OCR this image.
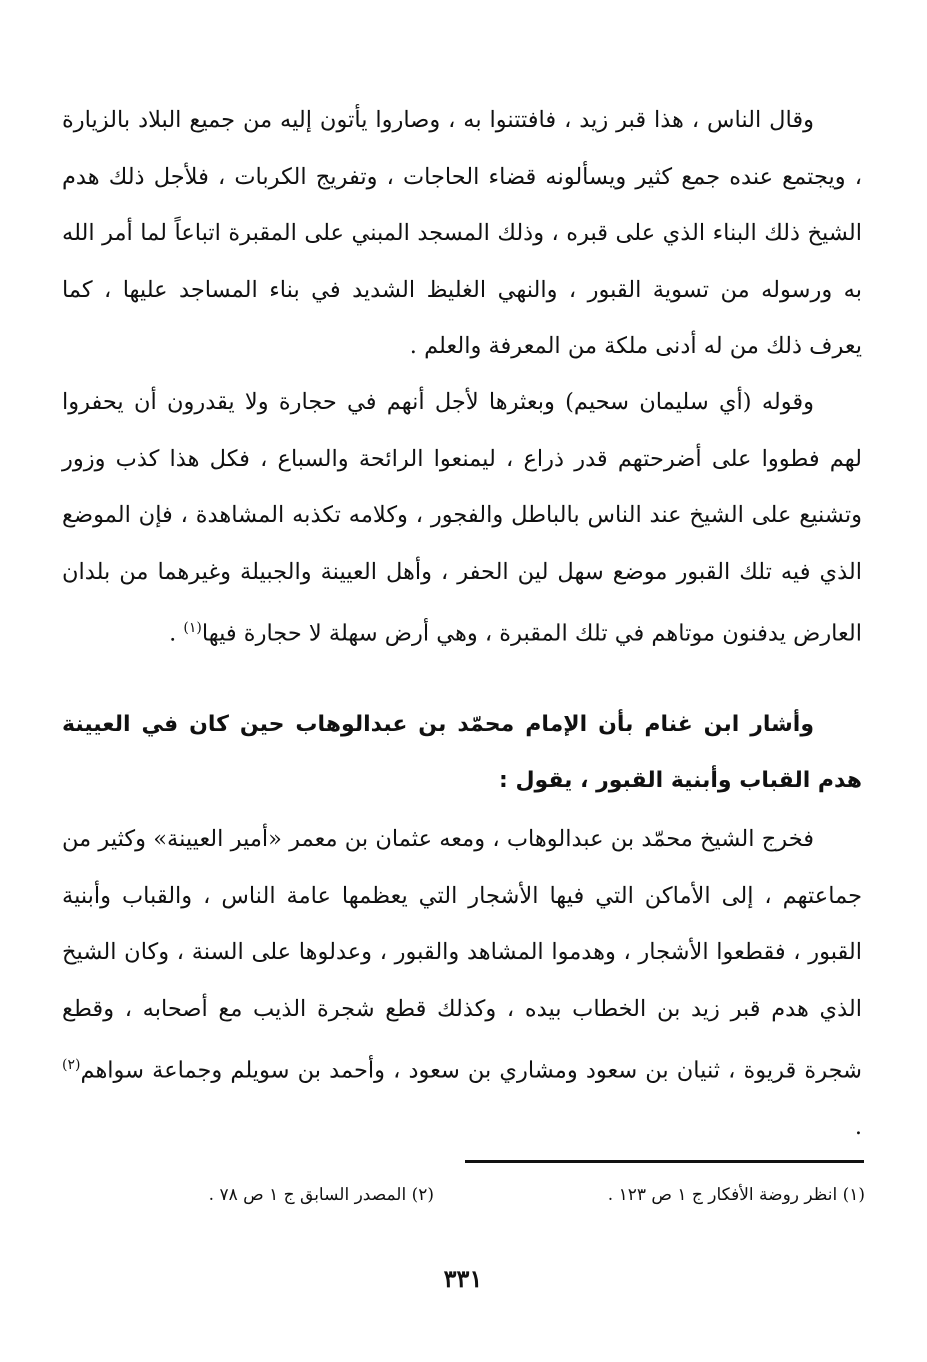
وقال الناس ، هذا قبر زيد ، فافتتنوا به ، وصاروا يأتون إليه من جميع البلاد بالزيارة ، ويجتمع عنده جمع كثير ويسألونه قضاء الحاجات ، وتفريج الكربات ، فلأجل ذلك هدم الشيخ ذلك البناء الذي على قبره ، وذلك المسجد المبني على المقبرة اتباعاً لما أمر الله به ورسوله من تسوية القبور ، والنهي الغليظ الشديد في بناء المساجد عليها ، كما يعرف ذلك من له أدنى ملكة من المعرفة والعلم .

وقوله (أي سليمان سحيم) وبعثرها لأجل أنهم في حجارة ولا يقدرون أن يحفروا لهم فطووا على أضرحتهم قدر ذراع ، ليمنعوا الرائحة والسباع ، فكل هذا كذب وزور وتشنيع على الشيخ عند الناس بالباطل والفجور ، وكلامه تكذبه المشاهدة ، فإن الموضع الذي فيه تلك القبور موضع سهل لين الحفر ، وأهل العيينة والجبيلة وغيرهما من بلدان العارض يدفنون موتاهم في تلك المقبرة ، وهي أرض سهلة لا حجارة فيها$^{(١)}$ .

وأشار ابن غنام بأن الإمام محمّد بن عبدالوهاب حين كان في العيينة هدم القباب وأبنية القبور ، يقول :

فخرج الشيخ محمّد بن عبدالوهاب ، ومعه عثمان بن معمر «أمير العيينة» وكثير من جماعتهم ، إلى الأماكن التي فيها الأشجار التي يعظمها عامة الناس ، والقباب وأبنية القبور ، فقطعوا الأشجار ، وهدموا المشاهد والقبور ، وعدلوها على السنة ، وكان الشيخ الذي هدم قبر زيد بن الخطاب بيده ، وكذلك قطع شجرة الذيب مع أصحابه ، وقطع شجرة قريوة ، ثنيان بن سعود ومشاري بن سعود ، وأحمد بن سويلم وجماعة سواهم$^{(٢)}$ .

(١) انظر روضة الأفكار ج ١ ص ١٢٣ .
(٢) المصدر السابق ج ١ ص ٧٨ .
٣٣١
